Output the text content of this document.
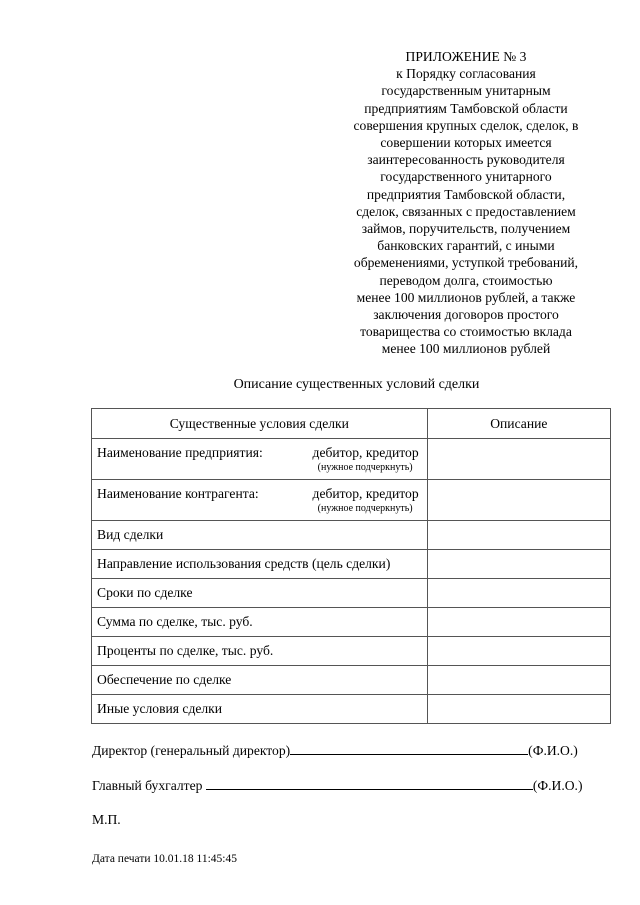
ПРИЛОЖЕНИЕ № 3
к Порядку согласования
государственным унитарным
предприятиям Тамбовской области
совершения крупных сделок, сделок, в
совершении которых имеется
заинтересованность руководителя
государственного унитарного
предприятия Тамбовской области,
сделок, связанных с предоставлением
займов, поручительств, получением
банковских гарантий, с иными
обременениями, уступкой требований,
переводом долга, стоимостью
менее 100 миллионов рублей, а также
заключения договоров простого
товарищества со стоимостью вклада
менее 100 миллионов рублей
Описание существенных условий сделки
Существенные условия сделки	Описание

Наименование предприятия: дебитор, кредитор
(нужное подчеркнуть)	

Наименование контрагента: дебитор, кредитор
(нужное подчеркнуть)	

Вид сделки	
Направление использования средств (цель сделки)	
Сроки по сделке	
Сумма по сделке, тыс. руб.	
Проценты по сделке, тыс. руб.	
Обеспечение по сделке	
Иные условия сделки	
Директор (генеральный директор)	(Ф.И.О.)
Главный бухгалтер	(Ф.И.О.)
М.П.
Дата печати 10.01.18 11:45:45
